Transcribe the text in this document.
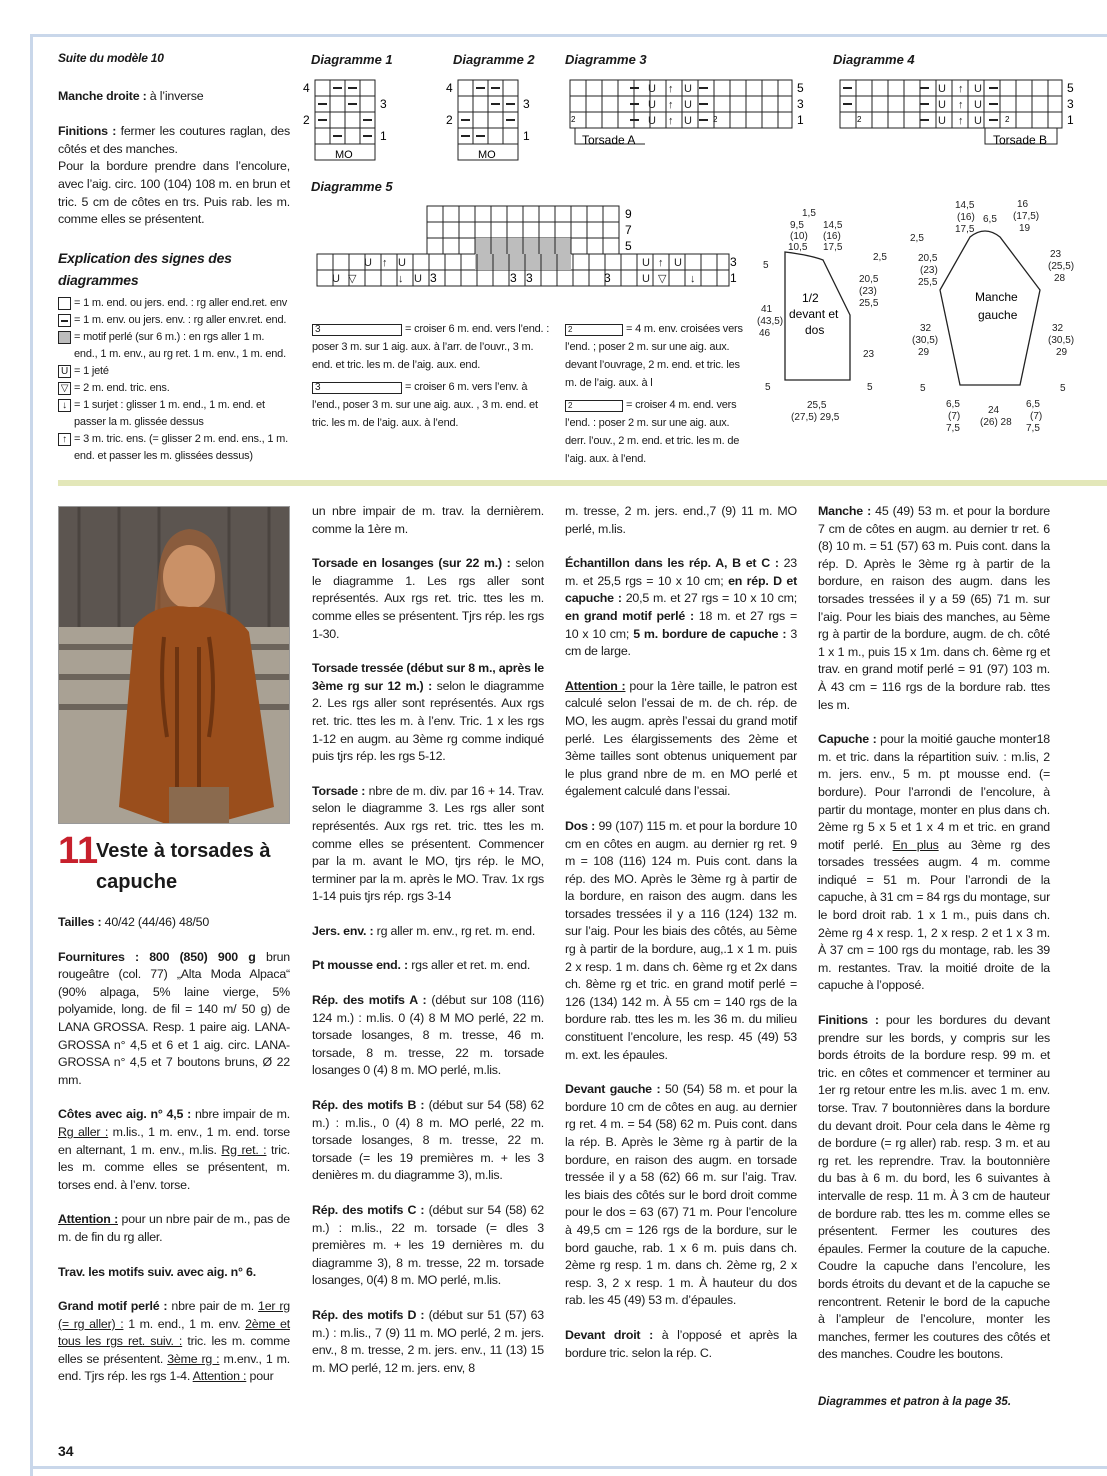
Suite du modèle 10

Manche droite : à l’inverse

Finitions : fermer les coutures raglan, des côtés et des manches.

Pour la bordure prendre dans l’encolure, avec l’aig. circ. 100 (104) 108 m. en brun et tric. 5 cm de côtes en trs. Puis rab. les m. comme elles se présentent.

Explication des signes des diagrammes
= 1 m. end. ou jers. end. : rg aller end.ret. env
= 1 m. env. ou jers. env. : rg aller env.ret. end.
= motif perlé (sur 6 m.) : en rgs aller 1 m. end., 1 m. env., au rg ret. 1 m. env., 1 m. end.
U = 1 jeté
▽ = 2 m. end. tric. ens.
↓ = 1 surjet : glisser 1 m. end., 1 m. end. et passer la m. glissée dessus
↑ = 3 m. tric. ens. (= glisser 2 m. end. ens., 1 m. end. et passer les m. glissées dessus)
Diagramme 1	Diagramme 2 Diagramme 3	Diagramme 4
Diagramme 5
4
2
3
1
MO
4
2
3
1
MO
U ↑ U
U ↑ U
U ↑ U
2	2
5
3
1
Torsade A
U ↑ U
U ↑ U
U ↑ U
2	2
5
3
1
Torsade B
U ↑ U
U ▽	↓ U
U ↑ U
U ▽ ↓
3	3 3	3
9
7
5
3
1
3	= croiser 6 m. end. vers l’end. : poser 3 m. sur 1 aig. aux. à l’arr. de l’ouvr., 3 m. end. et tric. les m. de l’aig. aux. end.
3	= croiser 6 m. vers l’env. à l’end., poser 3 m. sur une aig. aux. , 3 m. end. et tric. les m. de l’aig. aux. à l’end.
2	= 4 m. env. croisées vers l’end. ; poser 2 m. sur une aig. aux. devant l’ouvrage, 2 m. end. et tric. les m. de l’aig. aux. à l
2	= croiser 4 m. end. vers l’end. : poser 2 m. sur une aig. aux. derr. l’ouv., 2 m. end. et tric. les m. de l’aig. aux. à l’end.
1/2
devant et
dos
1,5
9,5
(10)
10,5
14,5
(16)
17,5
2,5
20,5
(23)
25,5
41
(43,5)
46
23
5
5	5
25,5
(27,5) 29,5
Manche
gauche
14,5
(16)
17,5
6,5
16
(17,5)
19
2,5
20,5
(23)
25,5
23
(25,5)
28
32
(30,5)
29
32
(30,5)
29
5	5
6,5
(7)
7,5
24
(26) 28
6,5
(7)
7,5
11
Veste à torsades à capuche

Tailles : 40/42 (44/46) 48/50

Fournitures : 800 (850) 900 g brun rougeâtre (col. 77) „Alta Moda Alpaca“ (90% alpaga, 5% laine vierge, 5% polyamide, long. de fil = 140 m/ 50 g) de LANA GROSSA. Resp. 1 paire aig. LANA-GROSSA n° 4,5 et 6 et 1 aig. circ. LANA-GROSSA n° 4,5 et 7 boutons bruns, Ø 22 mm.

Côtes avec aig. n° 4,5 : nbre impair de m. Rg aller : m.lis., 1 m. env., 1 m. end. torse en alternant, 1 m. env., m.lis. Rg ret. : tric. les m. comme elles se présentent, m. torses end. à l’env. torse.

Attention : pour un nbre pair de m., pas de m. de fin du rg aller.

Trav. les motifs suiv. avec aig. n° 6.

Grand motif perlé : nbre pair de m. 1er rg (= rg aller) : 1 m. end., 1 m. env. 2ème et tous les rgs ret. suiv. : tric. les m. comme elles se présentent. 3ème rg : m.env., 1 m. end. Tjrs rép. les rgs 1-4. Attention : pour

un nbre impair de m. trav. la dernièrem. comme la 1ère m.

Torsade en losanges (sur 22 m.) : selon le diagramme 1. Les rgs aller sont représentés. Aux rgs ret. tric. ttes les m. comme elles se présentent. Tjrs rép. les rgs 1-30.

Torsade tressée (début sur 8 m., après le 3ème rg sur 12 m.) : selon le diagramme 2. Les rgs aller sont représentés. Aux rgs ret. tric. ttes les m. à l’env. Tric. 1 x les rgs 1-12 en augm. au 3ème rg comme indiqué puis tjrs rép. les rgs 5-12.

Torsade : nbre de m. div. par 16 + 14. Trav. selon le diagramme 3. Les rgs aller sont représentés. Aux rgs ret. tric. ttes les m. comme elles se présentent. Commencer par la m. avant le MO, tjrs rép. le MO, terminer par la m. après le MO. Trav. 1x rgs 1-14 puis tjrs rép. rgs 3-14

Jers. env. : rg aller m. env., rg ret. m. end.

Pt mousse end. : rgs aller et ret. m. end.

Rép. des motifs A : (début sur 108 (116) 124 m.) : m.lis. 0 (4) 8 M MO perlé, 22 m. torsade losanges, 8 m. tresse, 46 m. torsade, 8 m. tresse, 22 m. torsade losanges 0 (4) 8 m. MO perlé, m.lis.

Rép. des motifs B : (début sur 54 (58) 62 m.) : m.lis., 0 (4) 8 m. MO perlé, 22 m. torsade losanges, 8 m. tresse, 22 m. torsade (= les 19 premières m. + les 3 denières m. du diagramme 3), m.lis.

Rép. des motifs C : (début sur 54 (58) 62 m.) : m.lis., 22 m. torsade (= dles 3 premières m. + les 19 dernières m. du diagramme 3), 8 m. tresse, 22 m. torsade losanges, 0(4) 8 m. MO perlé, m.lis.

Rép. des motifs D : (début sur 51 (57) 63 m.) : m.lis., 7 (9) 11 m. MO perlé, 2 m. jers. env., 8 m. tresse, 2 m. jers. env., 11 (13) 15 m. MO perlé, 12 m. jers. env, 8

m. tresse, 2 m. jers. end.,7 (9) 11 m. MO perlé, m.lis.

Échantillon dans les rép. A, B et C : 23 m. et 25,5 rgs = 10 x 10 cm; en rép. D et capuche : 20,5 m. et 27 rgs = 10 x 10 cm; en grand motif perlé : 18 m. et 27 rgs = 10 x 10 cm; 5 m. bordure de capuche : 3 cm de large.

Attention : pour la 1ère taille, le patron est calculé selon l’essai de m. de ch. rép. de MO, les augm. après l’essai du grand motif perlé. Les élargissements des 2ème et 3ème tailles sont obtenus uniquement par le plus grand nbre de m. en MO perlé et également calculé dans l’essai.

Dos : 99 (107) 115 m. et pour la bordure 10 cm en côtes en augm. au dernier rg ret. 9 m = 108 (116) 124 m. Puis cont. dans la rép. des MO. Après le 3ème rg à partir de la bordure, en raison des augm. dans les torsades tressées il y a 116 (124) 132 m. sur l’aig. Pour les biais des côtés, au 5ème rg à partir de la bordure, aug,.1 x 1 m. puis 2 x resp. 1 m. dans ch. 6ème rg et 2x dans ch. 8ème rg et tric. en grand motif perlé = 126 (134) 142 m. À 55 cm = 140 rgs de la bordure rab. ttes les m. les 36 m. du milieu constituent l’encolure, les resp. 45 (49) 53 m. ext. les épaules.

Devant gauche : 50 (54) 58 m. et pour la bordure 10 cm de côtes en aug. au dernier rg ret. 4 m. = 54 (58) 62 m. Puis cont. dans la rép. B. Après le 3ème rg à partir de la bordure, en raison des augm. en torsade tressée il y a 58 (62) 66 m. sur l’aig. Trav. les biais des côtés sur le bord droit comme pour le dos = 63 (67) 71 m. Pour l’encolure à 49,5 cm = 126 rgs de la bordure, sur le bord gauche, rab. 1 x 6 m. puis dans ch. 2ème rg resp. 1 m. dans ch. 2ème rg, 2 x resp. 3, 2 x resp. 1 m. À hauteur du dos rab. les 45 (49) 53 m. d’épaules.

Devant droit : à l’opposé et après la bordure tric. selon la rép. C.

Manche : 45 (49) 53 m. et pour la bordure 7 cm de côtes en augm. au dernier tr ret. 6 (8) 10 m. = 51 (57) 63 m. Puis cont. dans la rép. D. Après le 3ème rg à partir de la bordure, en raison des augm. dans les torsades tressées il y a 59 (65) 71 m. sur l’aig. Pour les biais des manches, au 5ème rg à partir de la bordure, augm. de ch. côté 1 x 1 m., puis 15 x 1m. dans ch. 6ème rg et trav. en grand motif perlé = 91 (97) 103 m. À 43 cm = 116 rgs de la bordure rab. ttes les m.

Capuche : pour la moitié gauche monter18 m. et tric. dans la répartition suiv. : m.lis, 2 m. jers. env., 5 m. pt mousse end. (= bordure). Pour l’arrondi de l’encolure, à partir du montage, monter en plus dans ch. 2ème rg 5 x 5 et 1 x 4 m et tric. en grand motif perlé. En plus au 3ème rg des torsades tressées augm. 4 m. comme indiqué = 51 m. Pour l’arrondi de la capuche, à 31 cm = 84 rgs du montage, sur le bord droit rab. 1 x 1 m., puis dans ch. 2ème rg 4 x resp. 1, 2 x resp. 2 et 1 x 3 m. À 37 cm = 100 rgs du montage, rab. les 39 m. restantes. Trav. la moitié droite de la capuche à l’opposé.

Finitions : pour les bordures du devant prendre sur les bords, y compris sur les bords étroits de la bordure resp. 99 m. et tric. en côtes et commencer et terminer au 1er rg retour entre les m.lis. avec 1 m. env. torse. Trav. 7 boutonnières dans la bordure du devant droit. Pour cela dans le 4ème rg de bordure (= rg aller) rab. resp. 3 m. et au rg ret. les reprendre. Trav. la boutonnière du bas à 6 m. du bord, les 6 suivantes à intervalle de resp. 11 m. À 3 cm de hauteur de bordure rab. ttes les m. comme elles se présentent. Fermer les coutures des épaules. Fermer la couture de la capuche. Coudre la capuche dans l’encolure, les bords étroits du devant et de la capuche se rencontrent. Retenir le bord de la capuche à l’ampleur de l’encolure, monter les manches, fermer les coutures des côtés et des manches. Coudre les boutons.

Diagrammes et patron à la page 35.
34
